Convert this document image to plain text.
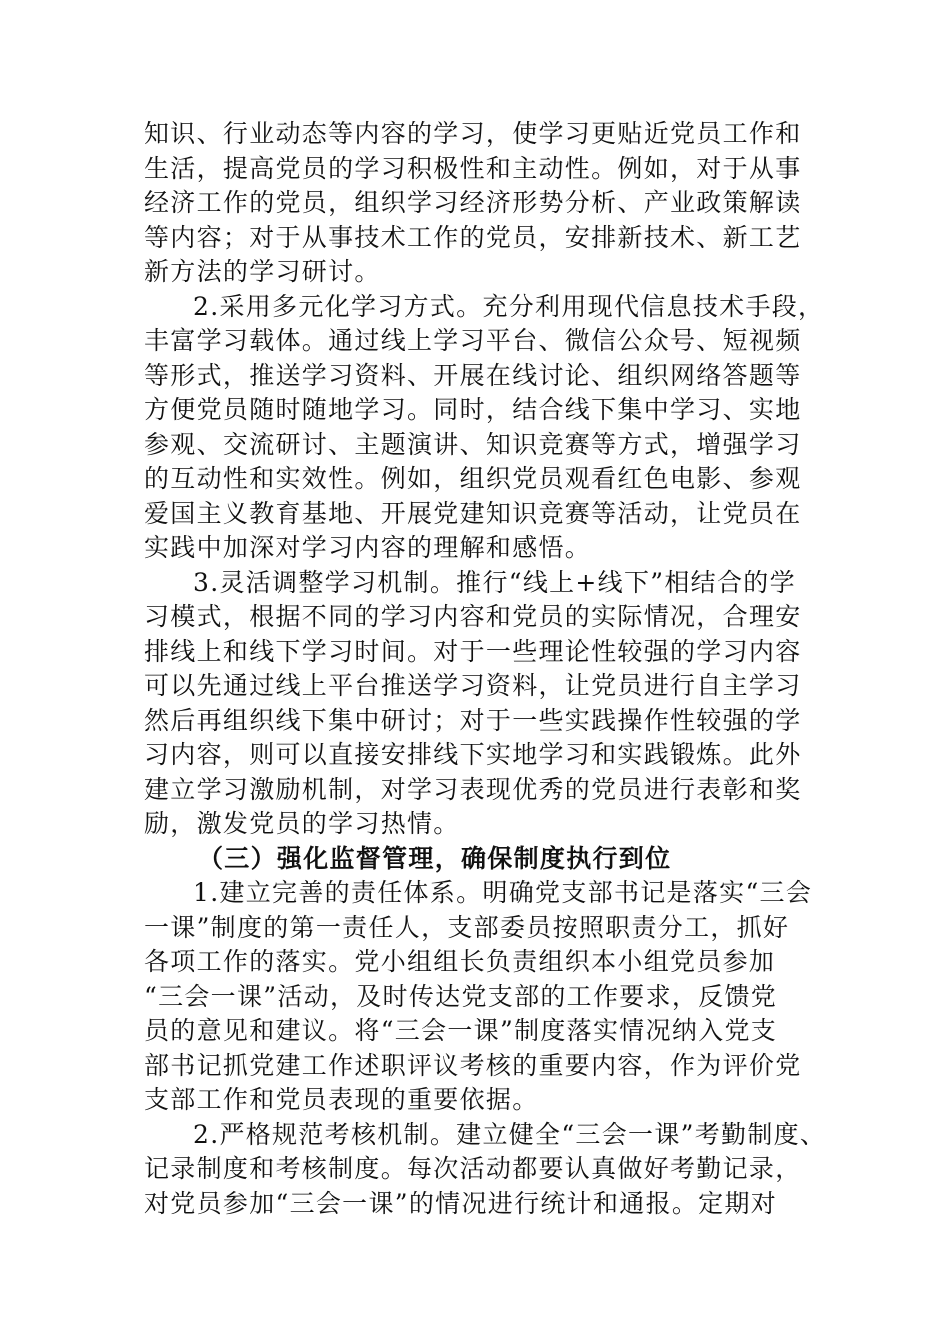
知识、行业动态等内容的学习，使学习更贴近党员工作和
生活，提高党员的学习积极性和主动性。例如，对于从事
经济工作的党员，组织学习经济形势分析、产业政策解读
等内容；对于从事技术工作的党员，安排新技术、新工艺
新方法的学习研讨。
2.采用多元化学习方式。充分利用现代信息技术手段，
丰富学习载体。通过线上学习平台、微信公众号、短视频
等形式，推送学习资料、开展在线讨论、组织网络答题等
方便党员随时随地学习。同时，结合线下集中学习、实地
参观、交流研讨、主题演讲、知识竞赛等方式，增强学习
的互动性和实效性。例如，组织党员观看红色电影、参观
爱国主义教育基地、开展党建知识竞赛等活动，让党员在
实践中加深对学习内容的理解和感悟。
3.灵活调整学习机制。推行“线上+线下”相结合的学
习模式，根据不同的学习内容和党员的实际情况，合理安
排线上和线下学习时间。对于一些理论性较强的学习内容
可以先通过线上平台推送学习资料，让党员进行自主学习
然后再组织线下集中研讨；对于一些实践操作性较强的学
习内容，则可以直接安排线下实地学习和实践锻炼。此外
建立学习激励机制，对学习表现优秀的党员进行表彰和奖
励，激发党员的学习热情。
（三）强化监督管理，确保制度执行到位
1.建立完善的责任体系。明确党支部书记是落实“三会
一课”制度的第一责任人，支部委员按照职责分工，抓好
各项工作的落实。党小组组长负责组织本小组党员参加
“三会一课”活动，及时传达党支部的工作要求，反馈党
员的意见和建议。将“三会一课”制度落实情况纳入党支
部书记抓党建工作述职评议考核的重要内容，作为评价党
支部工作和党员表现的重要依据。
2.严格规范考核机制。建立健全“三会一课”考勤制度、
记录制度和考核制度。每次活动都要认真做好考勤记录，
对党员参加“三会一课”的情况进行统计和通报。定期对
